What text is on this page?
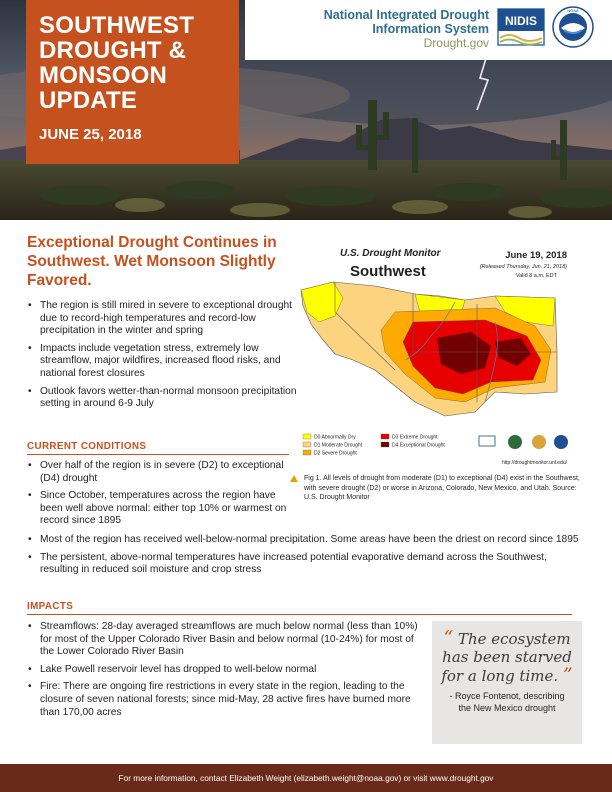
SOUTHWEST DROUGHT & MONSOON UPDATE
JUNE 25, 2018
National Integrated Drought
Information System
Drought.gov
NIDIS
NOAA
Exceptional Drought Continues in Southwest. Wet Monsoon Slightly Favored.
• The region is still mired in severe to exceptional drought due to record-high temperatures and record-low precipitation in the winter and spring
• Impacts include vegetation stress, extremely low streamflow, major wildfires, increased flood risks, and national forest closures
• Outlook favors wetter-than-normal monsoon precipitation setting in around 6-9 July
CURRENT CONDITIONS
• Over half of the region is in severe (D2) to exceptional (D4) drought
• Since October, temperatures across the region have been well above normal: either top 10% or warmest on record since 1895
• Most of the region has received well-below-normal precipitation. Some areas have been the driest on record since 1895
• The persistent, above-normal temperatures have increased potential evaporative demand across the Southwest, resulting in reduced soil moisture and crop stress
IMPACTS
• Streamflows: 28-day averaged streamflows are much below normal (less than 10%) for most of the Upper Colorado River Basin and below normal (10-24%) for most of the Lower Colorado River Basin
• Lake Powell reservoir level has dropped to well-below normal
• Fire: There are ongoing fire restrictions in every state in the region, leading to the closure of seven national forests; since mid-May, 28 active fires have burned more than 170,00 acres
U.S. Drought Monitor
Southwest
June 19, 2018
(Released Thursday, Jun. 21, 2018)
Valid 8 a.m. EDT
D0 Abnormally Dry
D1 Moderate Drought
D2 Severe Drought
D3 Extreme Drought
D4 Exceptional Drought
http://droughtmonitor.unl.edu/
Fig 1. All levels of drought from moderate (D1) to exceptional (D4) exist in the Southwest, with severe drought (D2) or worse in Arizona, Colorado, New Mexico, and Utah. Source: U.S. Drought Monitor
“ The ecosystem has been starved for a long time. ”
- Royce Fontenot, describing the New Mexico drought
For more information, contact Elizabeth Weight (elizabeth.weight@noaa.gov) or visit www.drought.gov
